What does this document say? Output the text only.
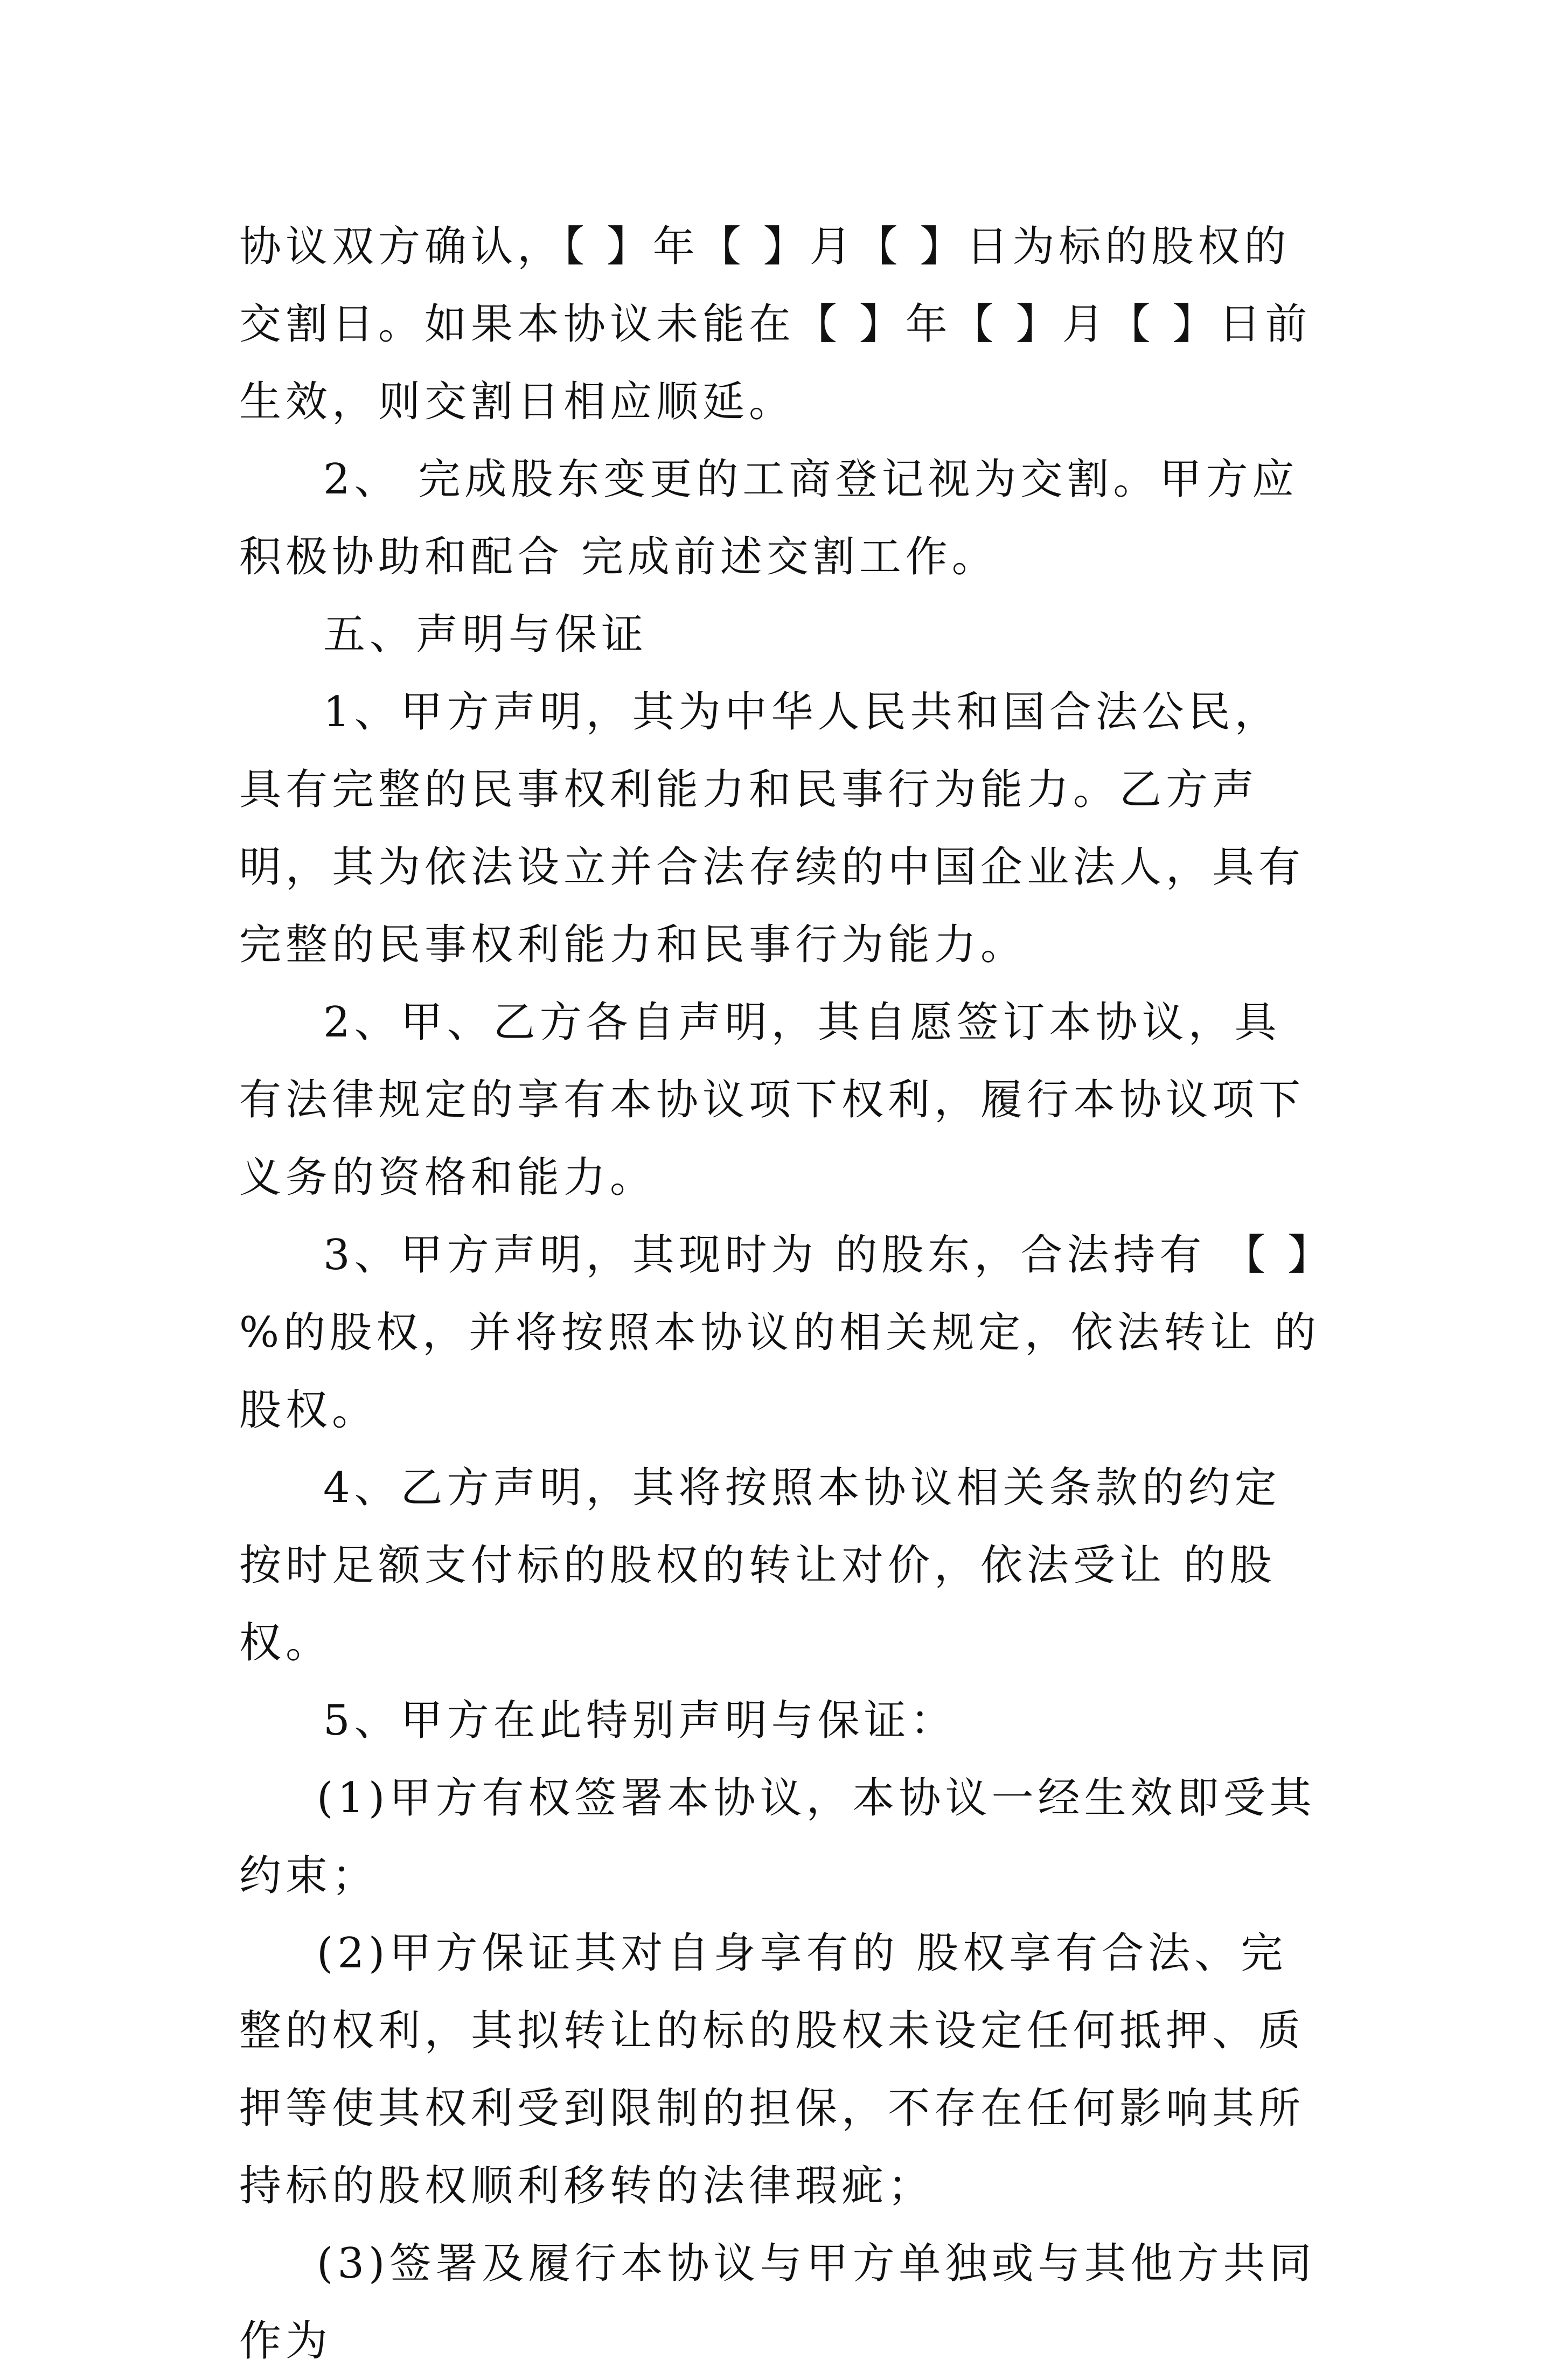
协议双方确认，【 】年【 】月【 】日为标的股权的交割日。如果本协议未能在【 】年【 】月【 】日前生效，则交割日相应顺延。

2、 完成股东变更的工商登记视为交割。甲方应积极协助和配合 完成前述交割工作。

五、声明与保证

1、甲方声明，其为中华人民共和国合法公民，具有完整的民事权利能力和民事行为能力。乙方声明，其为依法设立并合法存续的中国企业法人，具有完整的民事权利能力和民事行为能力。

2、甲、乙方各自声明，其自愿签订本协议，具有法律规定的享有本协议项下权利，履行本协议项下义务的资格和能力。

3、甲方声明，其现时为 的股东，合法持有 【 】%的股权，并将按照本协议的相关规定，依法转让 的股权。

4、乙方声明，其将按照本协议相关条款的约定按时足额支付标的股权的转让对价，依法受让 的股权。

5、甲方在此特别声明与保证：

(1)甲方有权签署本协议，本协议一经生效即受其约束；

(2)甲方保证其对自身享有的 股权享有合法、完整的权利，其拟转让的标的股权未设定任何抵押、质押等使其权利受到限制的担保，不存在任何影响其所持标的股权顺利移转的法律瑕疵；

(3)签署及履行本协议与甲方单独或与其他方共同作为
